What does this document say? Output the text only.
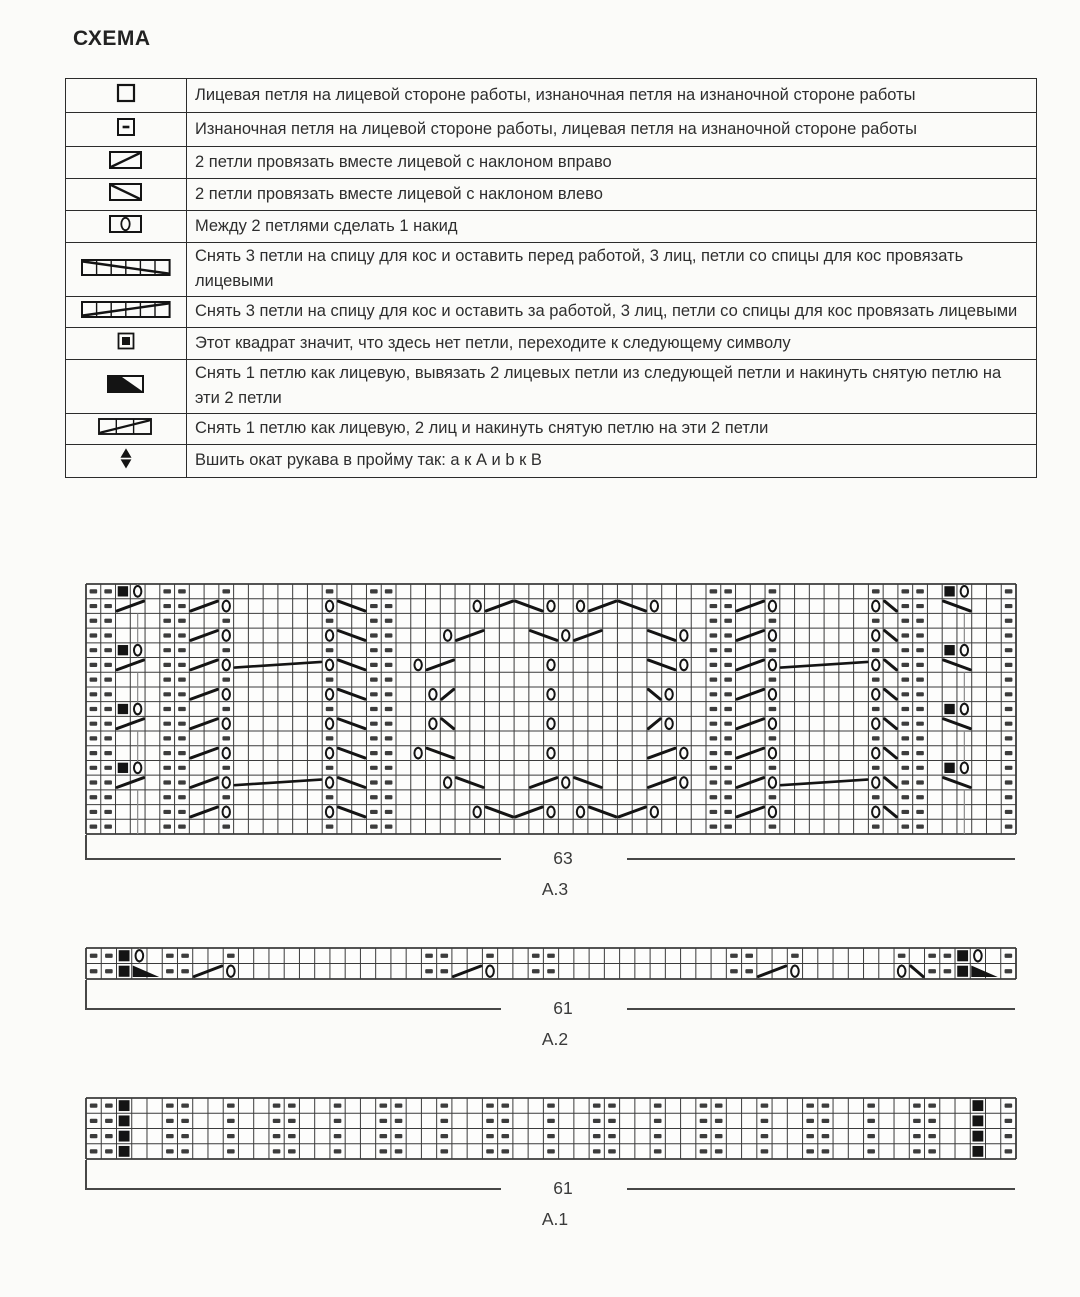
СХЕМА
	Лицевая петля на лицевой стороне работы, изнаночная петля на изнаночной стороне работы
	Изнаночная петля на лицевой стороне работы, лицевая петля на изнаночной стороне работы
	2 петли провязать вместе лицевой с наклоном вправо
	2 петли провязать вместе лицевой с наклоном влево
	Между 2 петлями сделать 1 накид
	Снять 3 петли на спицу для кос и оставить перед работой, 3 лиц, петли со спицы для кос провязать лицевыми
	Снять 3 петли на спицу для кос и оставить за работой, 3 лиц, петли со спицы для кос провязать лицевыми
	Этот квадрат значит, что здесь нет петли, переходите к следующему символу
	Снять 1 петлю как лицевую, вывязать 2 лицевых петли из следующей петли и накинуть снятую петлю на эти 2 петли
	Снять 1 петлю как лицевую, 2 лиц и накинуть снятую петлю на эти 2 петли
	Вшить окат рукава в пройму так: а к А и b к В
63
А.3
61
А.2
61
А.1
